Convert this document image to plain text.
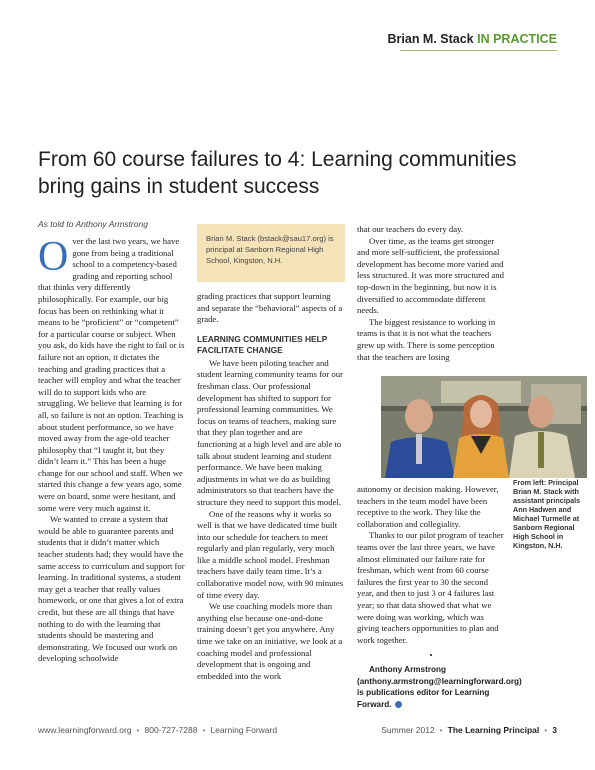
Brian M. Stack IN PRACTICE
From 60 course failures to 4: Learning communities bring gains in student success
As told to Anthony Armstrong
O ver the last two years, we have gone from being a traditional school to a competency-based grading and reporting school that thinks very differently philosophically. For example, our big focus has been on rethinking what it means to be “proficient” or “competent” for a particular course or subject. When you ask, do kids have the right to fail or is failure not an option, it dictates the teaching and grading practices that a teacher will employ and what the teacher will do to support kids who are struggling. We believe that learning is for all, so failure is not an option. Teaching is about student performance, so we have moved away from the age-old teacher philosophy that “I taught it, but they didn’t learn it.” This has been a huge change for our school and staff. When we started this change a few years ago, some were on board, some were hesitant, and some were very much against it.

We wanted to create a system that would be able to guarantee parents and students that it didn’t matter which teacher students had; they would have the same access to curriculum and support for learning. In traditional systems, a student may get a teacher that really values homework, or one that gives a lot of extra credit, but these are all things that have nothing to do with the learning that students should be mastering and demonstrating. We focused our work on developing schoolwide

Brian M. Stack (bstack@sau17.org) is principal at Sanborn Regional High School, Kingston, N.H.

grading practices that support learning and separate the “behavioral” aspects of a grade.

LEARNING COMMUNITIES HELP FACILITATE CHANGE

We have been piloting teacher and student learning community teams for our freshman class. Our professional development has shifted to support for professional learning communities. We focus on teams of teachers, making sure that they plan together and are functioning at a high level and are able to talk about student learning and student performance. We have been making adjustments in what we do as building administrators so that teachers have the structure they need to support this model.

One of the reasons why it works so well is that we have dedicated time built into our schedule for teachers to meet regularly and plan regularly, very much like a middle school model. Freshman teachers have daily team time. It’s a collaborative model now, with 90 minutes of time every day.

We use coaching models more than anything else because one-and-done training doesn’t get you anywhere. Any time we take on an initiative, we look at a coaching model and professional development that is ongoing and embedded into the work

that our teachers do every day.

Over time, as the teams get stronger and more self-sufficient, the professional development has become more varied and less structured. It was more structured and top-down in the beginning, but now it is diversified to accommodate different needs.

The biggest resistance to working in teams is that it is not what the teachers grew up with. There is some perception that the teachers are losing

From left: Principal Brian M. Stack with assistant principals Ann Hadwen and Michael Turmelle at Sanborn Regional High School in Kingston, N.H.

autonomy or decision making. However, teachers in the team model have been receptive to the work. They like the collaboration and collegiality.

Thanks to our pilot program of teacher teams over the last three years, we have almost eliminated our failure rate for freshman, which went from 60 course failures the first year to 30 the second year, and then to just 3 or 4 failures last year; so that data showed that what we were doing was working, which was giving teachers opportunities to plan and work together.

•

Anthony Armstrong (anthony.armstrong@learningforward.org) is publications editor for Learning Forward.

www.learningforward.org • 800-727-7288 • Learning Forward	Summer 2012 • The Learning Principal • 3
